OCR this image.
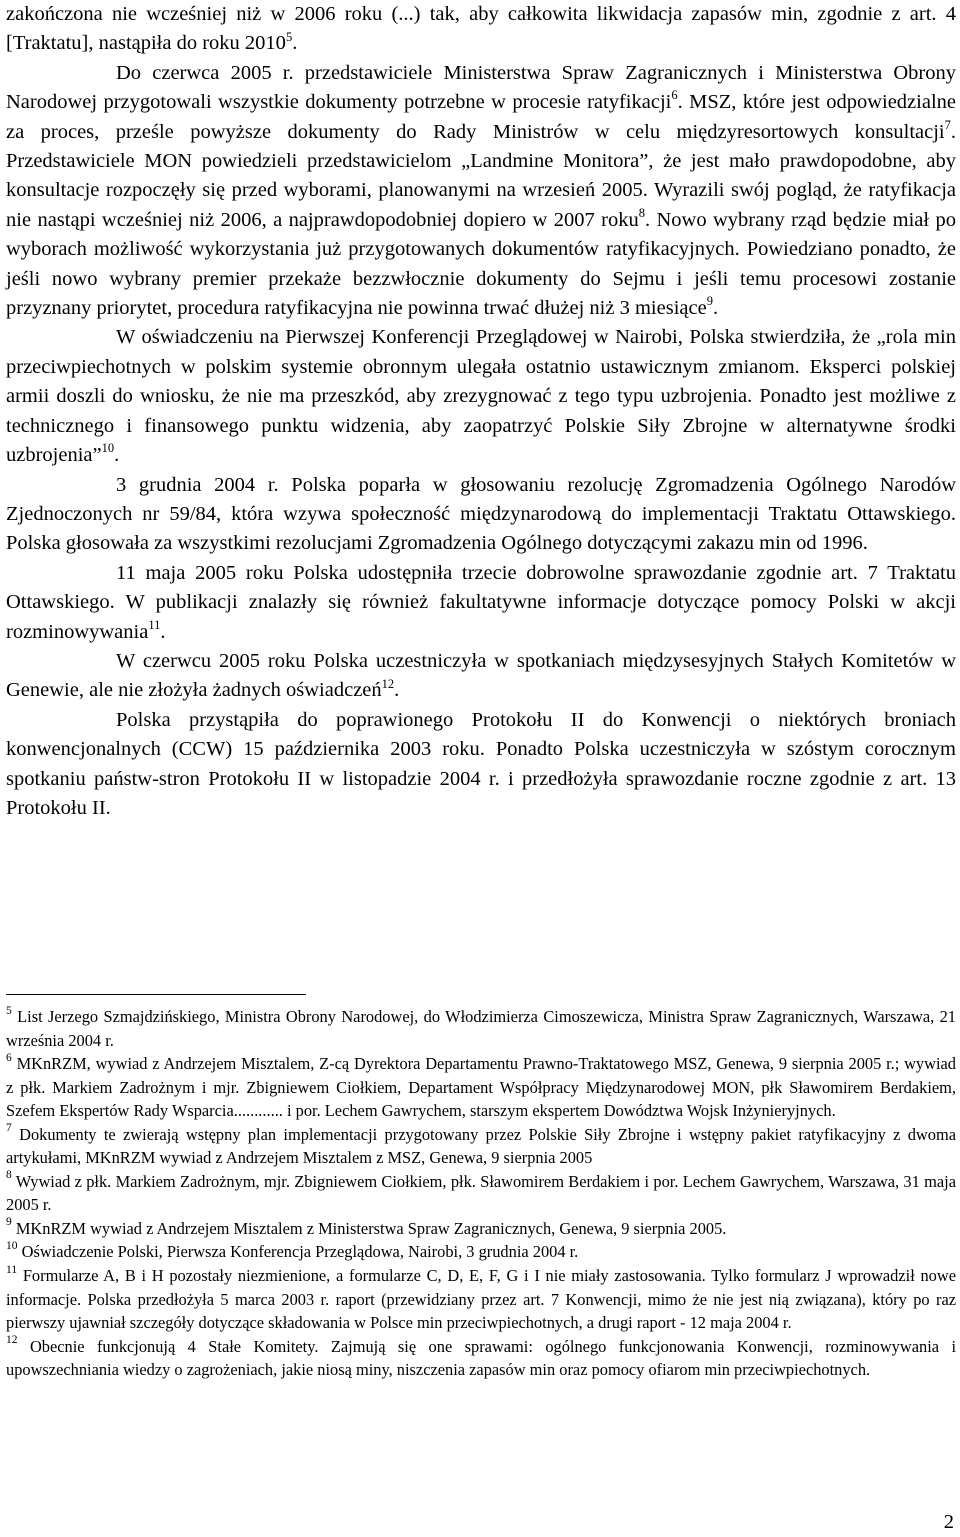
zakończona nie wcześniej niż w 2006 roku (...) tak, aby całkowita likwidacja zapasów min, zgodnie z art. 4 [Traktatu], nastąpiła do roku 2010$^5$.

Do czerwca 2005 r. przedstawiciele Ministerstwa Spraw Zagranicznych i Ministerstwa Obrony Narodowej przygotowali wszystkie dokumenty potrzebne w procesie ratyfikacji$^6$. MSZ, które jest odpowiedzialne za proces, prześle powyższe dokumenty do Rady Ministrów w celu międzyresortowych konsultacji$^7$. Przedstawiciele MON powiedzieli przedstawicielom „Landmine Monitora”, że jest mało prawdopodobne, aby konsultacje rozpoczęły się przed wyborami, planowanymi na wrzesień 2005. Wyrazili swój pogląd, że ratyfikacja nie nastąpi wcześniej niż 2006, a najprawdopodobniej dopiero w 2007 roku$^8$. Nowo wybrany rząd będzie miał po wyborach możliwość wykorzystania już przygotowanych dokumentów ratyfikacyjnych. Powiedziano ponadto, że jeśli nowo wybrany premier przekaże bezzwłocznie dokumenty do Sejmu i jeśli temu procesowi zostanie przyznany priorytet, procedura ratyfikacyjna nie powinna trwać dłużej niż 3 miesiące$^9$.

W oświadczeniu na Pierwszej Konferencji Przeglądowej w Nairobi, Polska stwierdziła, że „rola min przeciwpiechotnych w polskim systemie obronnym ulegała ostatnio ustawicznym zmianom. Eksperci polskiej armii doszli do wniosku, że nie ma przeszkód, aby zrezygnować z tego typu uzbrojenia. Ponadto jest możliwe z technicznego i finansowego punktu widzenia, aby zaopatrzyć Polskie Siły Zbrojne w alternatywne środki uzbrojenia”$^{10}$.

3 grudnia 2004 r. Polska poparła w głosowaniu rezolucję Zgromadzenia Ogólnego Narodów Zjednoczonych nr 59/84, która wzywa społeczność międzynarodową do implementacji Traktatu Ottawskiego. Polska głosowała za wszystkimi rezolucjami Zgromadzenia Ogólnego dotyczącymi zakazu min od 1996.

11 maja 2005 roku Polska udostępniła trzecie dobrowolne sprawozdanie zgodnie art. 7 Traktatu Ottawskiego. W publikacji znalazły się również fakultatywne informacje dotyczące pomocy Polski w akcji rozminowywania$^{11}$.

W czerwcu 2005 roku Polska uczestniczyła w spotkaniach międzysesyjnych Stałych Komitetów w Genewie, ale nie złożyła żadnych oświadczeń$^{12}$.

Polska przystąpiła do poprawionego Protokołu II do Konwencji o niektórych broniach konwencjonalnych (CCW) 15 października 2003 roku. Ponadto Polska uczestniczyła w szóstym corocznym spotkaniu państw-stron Protokołu II w listopadzie 2004 r. i przedłożyła sprawozdanie roczne zgodnie z art. 13 Protokołu II.

$^5$ List Jerzego Szmajdzińskiego, Ministra Obrony Narodowej, do Włodzimierza Cimoszewicza, Ministra Spraw Zagranicznych, Warszawa, 21 września 2004 r.

$^6$ MKnRZM, wywiad z Andrzejem Misztalem, Z-cą Dyrektora Departamentu Prawno-Traktatowego MSZ, Genewa, 9 sierpnia 2005 r.; wywiad z płk. Markiem Zadrożnym i mjr. Zbigniewem Ciołkiem, Departament Współpracy Międzynarodowej MON, płk Sławomirem Berdakiem, Szefem Ekspertów Rady Wsparcia............ i por. Lechem Gawrychem, starszym ekspertem Dowództwa Wojsk Inżynieryjnych.

$^7$ Dokumenty te zwierają wstępny plan implementacji przygotowany przez Polskie Siły Zbrojne i wstępny pakiet ratyfikacyjny z dwoma artykułami, MKnRZM wywiad z Andrzejem Misztalem z MSZ, Genewa, 9 sierpnia 2005

$^8$ Wywiad z płk. Markiem Zadrożnym, mjr. Zbigniewem Ciołkiem, płk. Sławomirem Berdakiem i por. Lechem Gawrychem, Warszawa, 31 maja 2005 r.

$^9$ MKnRZM wywiad z Andrzejem Misztalem z Ministerstwa Spraw Zagranicznych, Genewa, 9 sierpnia 2005.

$^{10}$ Oświadczenie Polski, Pierwsza Konferencja Przeglądowa, Nairobi, 3 grudnia 2004 r.

$^{11}$ Formularze A, B i H pozostały niezmienione, a formularze C, D, E, F, G i I nie miały zastosowania. Tylko formularz J wprowadził nowe informacje. Polska przedłożyła 5 marca 2003 r. raport (przewidziany przez art. 7 Konwencji, mimo że nie jest nią związana), który po raz pierwszy ujawniał szczegóły dotyczące składowania w Polsce min przeciwpiechotnych, a drugi raport - 12 maja 2004 r.

$^{12}$ Obecnie funkcjonują 4 Stałe Komitety. Zajmują się one sprawami: ogólnego funkcjonowania Konwencji, rozminowywania i upowszechniania wiedzy o zagrożeniach, jakie niosą miny, niszczenia zapasów min oraz pomocy ofiarom min przeciwpiechotnych.

2
